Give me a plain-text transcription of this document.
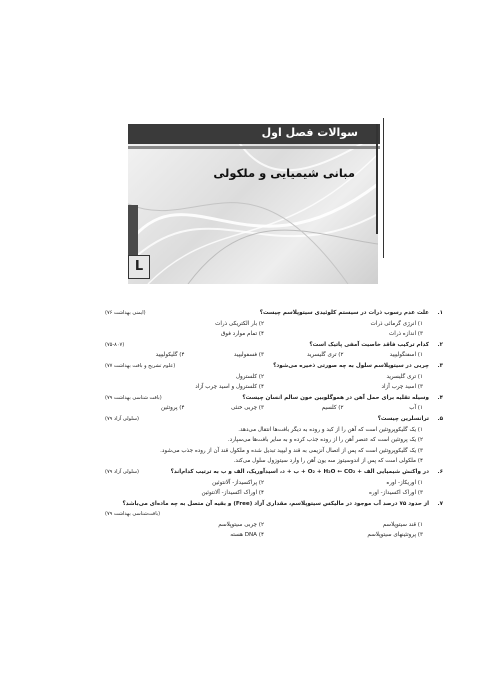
سوالات فصل اول
مبانی شیمیایی و ملکولی
L
۱.
علت عدم رسوب ذرات در سیستم کلوئیدی سیتوپلاسم چیست؟
(ایمنی بهداشت ۷۶)
۱) انرژی گرمائی ذرات
۲) بار الکتریکی ذرات
۳) اندازه ذرات
۴) تمام موارد فوق
۲.
کدام ترکیب فاقد خاصیت آمفی پاتیک است؟
(۷۵-۸۰۷)
۱) اسفنگولیپید
۲) تری گلیسرید
۳) فسفولیپید
۴) گلیکولیپید
۳.
چربی در سیتوپلاسم سلول به چه صورتی ذخیره می‌شود؟
(علوم تشریح و بافت بهداشت ۷۷)
۱) تری گلیسرید
۲) کلسترول
۳) اسید چرب آزاد
۴) کلسترول و اسید چرب آزاد
۴.
وسیله تقلیه برای حمل آهن در هموگلوبین خون سالم انسان چیست؟
(بافت شناسی بهداشت ۷۹)
۱) آب
۲) کلسیم
۳) چربی خنثی
۴) پروتئین
۵.
ترانسلرین چیست؟
(سلولی آزاد ۷۹)
۱) یک گلیکوپروتئین است که آهن را از کبد و روده به دیگر بافت‌ها انتقال می‌دهد.
۲) یک پروتئین است که عنصر آهن را از روده جذب کرده و به سایر بافت‌ها می‌سپارد.
۳) یک گلیکوپروتئین است که پس از اتصال آنزیمی به قند و لیپید تبدیل شده و ملکول قند آن از روده جذب می‌شود.
۴) ملکولی است که پس از اندوسیتوز سه یون آهن را وارد سیتوزول سلول می‌کند.
۶.
در واکنش شیمیایی الف + O₂ + H₂O ← CO₂ + ب + د، اسیدآوریک، الف و ب به ترتیب کدام‌اند؟
(سلولی آزاد ۷۹)
۱) اوریکاز- اوره
۲) پراکسیداز- آلانتوئین
۳) اوراک اکسیداز- اوره
۴) اوراک اکسیداز- آلانتوئین
۷.
از حدود ۷۵ درصد آب موجود در مالیکس سیتوپلاسم، مقداری آزاد (Free) و بقیه آن متصل به چه ماده‌ای می‌باشد؟
(بافت‌شناسی بهداشت ۷۹)
۱) قند سیتوپلاسم
۲) چربی سیتوپلاسم
۳) پروتئینهای سیتوپلاسم
۴) DNA هسته
